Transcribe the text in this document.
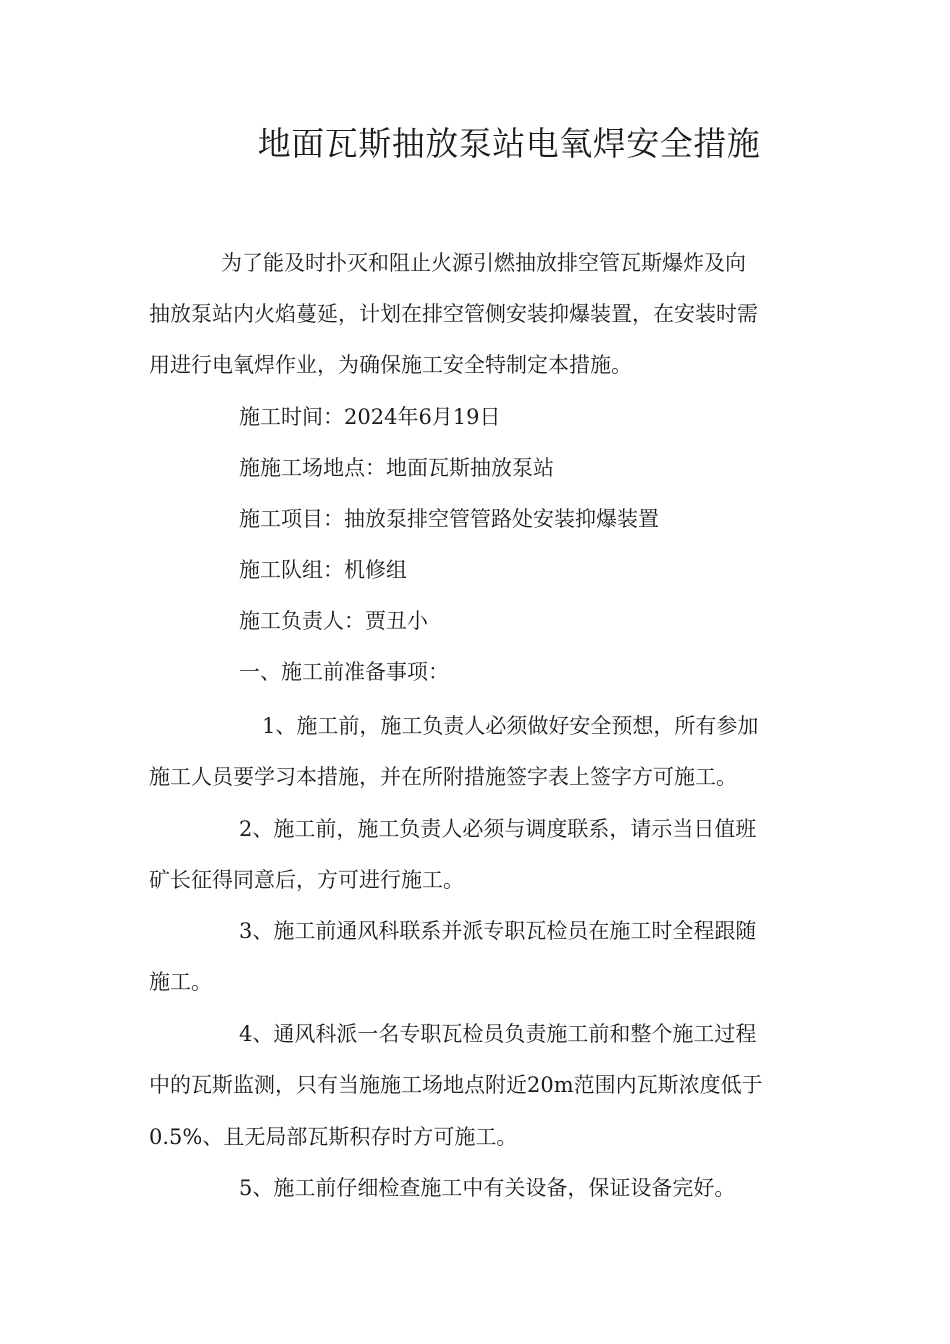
地面瓦斯抽放泵站电氧焊安全措施
为了能及时扑灭和阻止火源引燃抽放排空管瓦斯爆炸及向
抽放泵站内火焰蔓延，计划在排空管侧安装抑爆装置，在安装时需
用进行电氧焊作业，为确保施工安全特制定本措施。
施工时间：2024年6月19日
施施工场地点：地面瓦斯抽放泵站
施工项目：抽放泵排空管管路处安装抑爆装置
施工队组：机修组
施工负责人：贾丑小
一、施工前准备事项：
1、施工前，施工负责人必须做好安全预想，所有参加
施工人员要学习本措施，并在所附措施签字表上签字方可施工。
2、施工前，施工负责人必须与调度联系，请示当日值班
矿长征得同意后，方可进行施工。
3、施工前通风科联系并派专职瓦检员在施工时全程跟随
施工。
4、通风科派一名专职瓦检员负责施工前和整个施工过程
中的瓦斯监测，只有当施施工场地点附近20m范围内瓦斯浓度低于
0.5%、且无局部瓦斯积存时方可施工。
5、施工前仔细检查施工中有关设备，保证设备完好。
